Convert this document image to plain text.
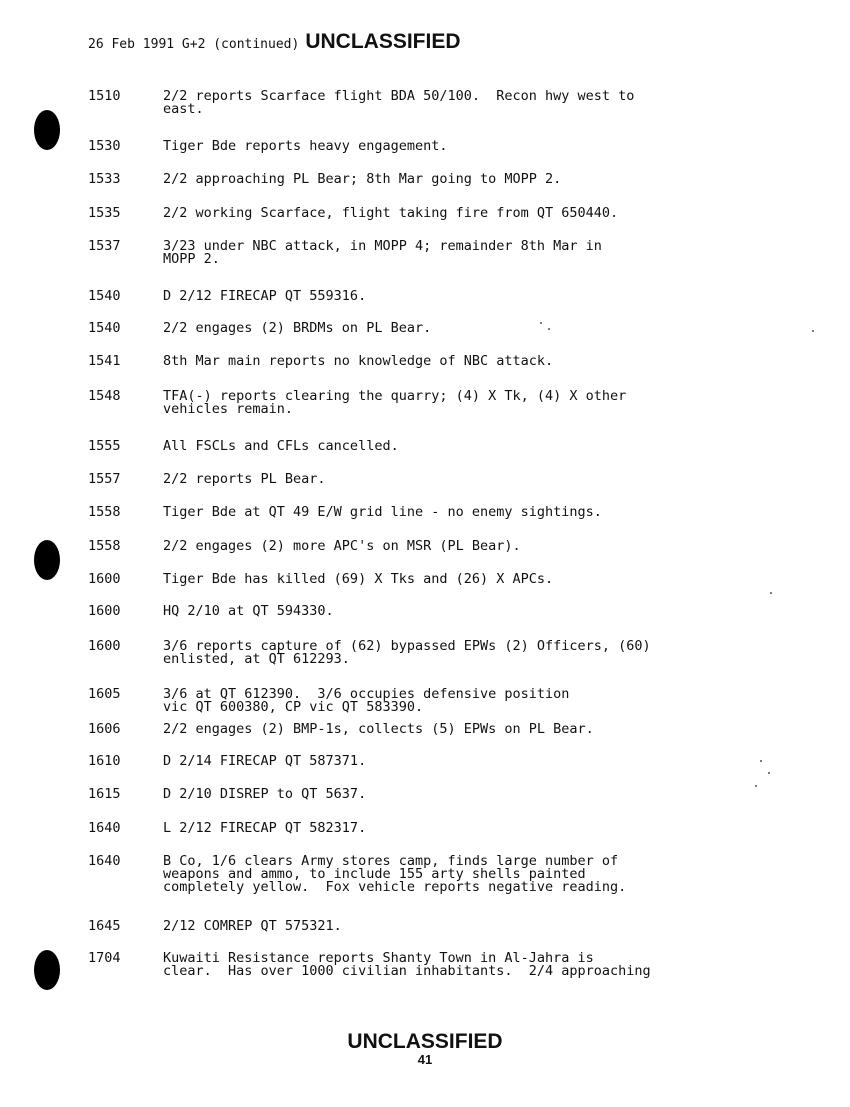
26 Feb 1991 G+2 (continued) UNCLASSIFIED
1510	2/2 reports Scarface flight BDA 50/100.  Recon hwy west to
east.
1530	Tiger Bde reports heavy engagement.
1533	2/2 approaching PL Bear; 8th Mar going to MOPP 2.
1535	2/2 working Scarface, flight taking fire from QT 650440.
1537	3/23 under NBC attack, in MOPP 4; remainder 8th Mar in
MOPP 2.
1540	D 2/12 FIRECAP QT 559316.
1540	2/2 engages (2) BRDMs on PL Bear.
1541	8th Mar main reports no knowledge of NBC attack.
1548	TFA(-) reports clearing the quarry; (4) X Tk, (4) X other
vehicles remain.
1555	All FSCLs and CFLs cancelled.
1557	2/2 reports PL Bear.
1558	Tiger Bde at QT 49 E/W grid line - no enemy sightings.
1558	2/2 engages (2) more APC's on MSR (PL Bear).
1600	Tiger Bde has killed (69) X Tks and (26) X APCs.
1600	HQ 2/10 at QT 594330.
1600	3/6 reports capture of (62) bypassed EPWs (2) Officers, (60)
enlisted, at QT 612293.
1605	3/6 at QT 612390.  3/6 occupies defensive position
vic QT 600380, CP vic QT 583390.
1606	2/2 engages (2) BMP-1s, collects (5) EPWs on PL Bear.
1610	D 2/14 FIRECAP QT 587371.
1615	D 2/10 DISREP to QT 5637.
1640	L 2/12 FIRECAP QT 582317.
1640	B Co, 1/6 clears Army stores camp, finds large number of
weapons and ammo, to include 155 arty shells painted
completely yellow.  Fox vehicle reports negative reading.
1645	2/12 COMREP QT 575321.
1704	Kuwaiti Resistance reports Shanty Town in Al-Jahra is
clear.  Has over 1000 civilian inhabitants.  2/4 approaching
UNCLASSIFIED
41
